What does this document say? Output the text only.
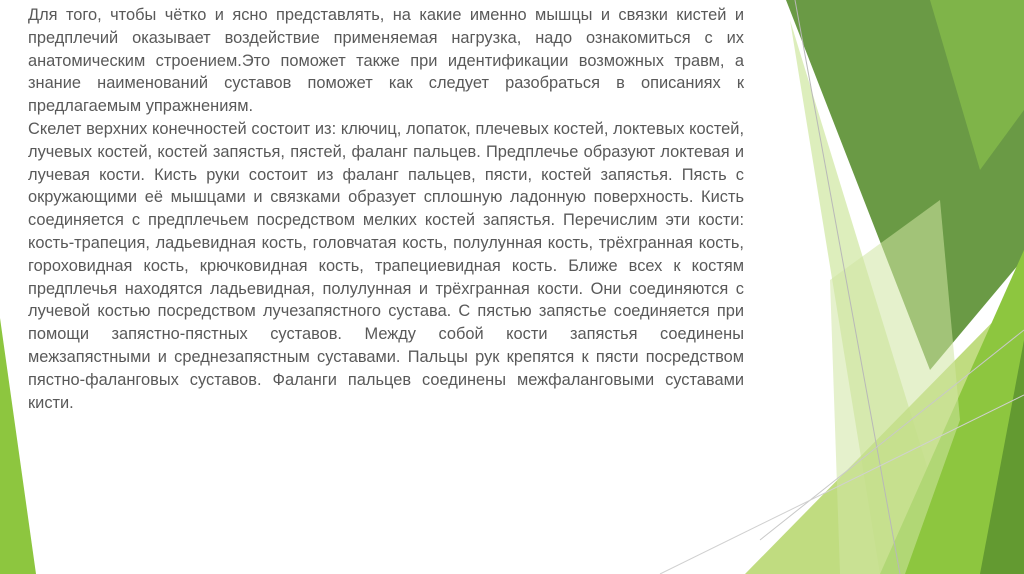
Для того, чтобы чётко и ясно представлять, на какие именно мышцы и связки кистей и предплечий оказывает воздействие применяемая нагрузка, надо ознакомиться с их анатомическим строением.Это поможет также при идентификации возможных травм, а знание наименований суставов поможет как следует разобраться в описаниях к предлагаемым упражнениям.

Скелет верхних конечностей состоит из: ключиц, лопаток, плечевых костей, локтевых костей, лучевых костей, костей запястья, пястей, фаланг пальцев. Предплечье образуют локтевая и лучевая кости. Кисть руки состоит из фаланг пальцев, пясти, костей запястья. Пясть с окружающими её мышцами и связками образует сплошную ладонную поверхность. Кисть соединяется с предплечьем посредством мелких костей запястья. Перечислим эти кости: кость-трапеция, ладьевидная кость, головчатая кость, полулунная кость, трёхгранная кость, гороховидная кость, крючковидная кость, трапециевидная кость. Ближе всех к костям предплечья находятся ладьевидная, полулунная и трёхгранная кости. Они соединяются с лучевой костью посредством лучезапястного сустава. С пястью запястье соединяется при помощи запястно-пястных суставов. Между собой кости запястья соединены межзапястными и среднезапястным суставами. Пальцы рук крепятся к пясти посредством пястно-фаланговых суставов. Фаланги пальцев соединены межфаланговыми суставами кисти.
